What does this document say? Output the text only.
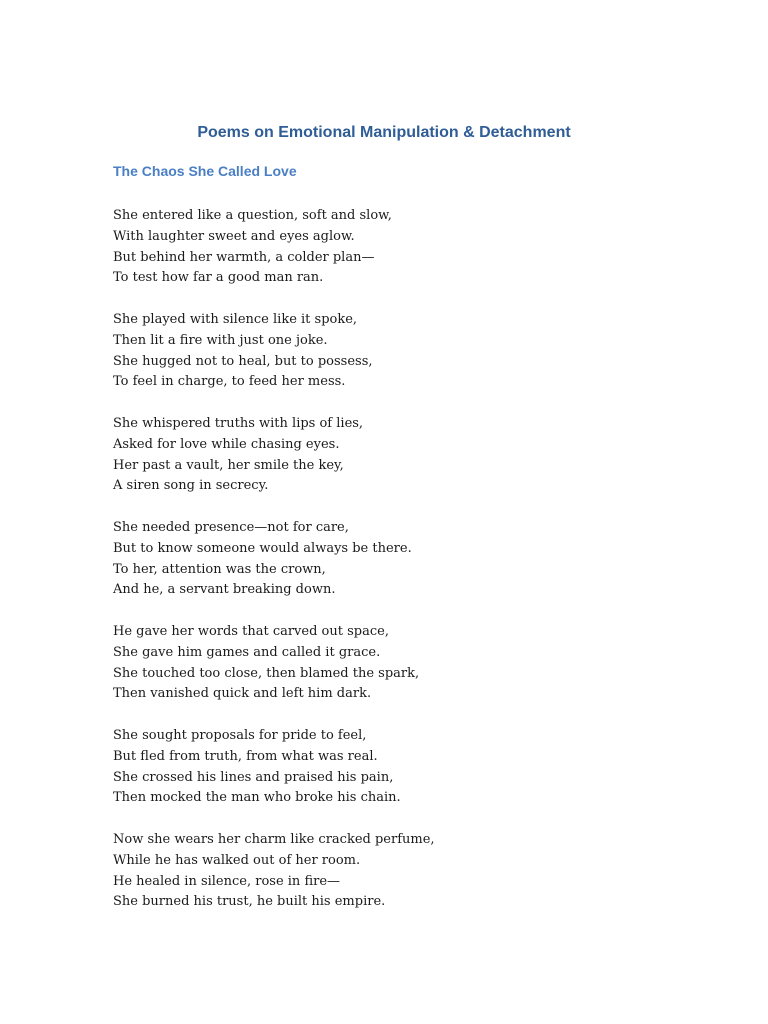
Poems on Emotional Manipulation & Detachment
The Chaos She Called Love
She entered like a question, soft and slow,
With laughter sweet and eyes aglow.
But behind her warmth, a colder plan—
To test how far a good man ran.
She played with silence like it spoke,
Then lit a fire with just one joke.
She hugged not to heal, but to possess,
To feel in charge, to feed her mess.
She whispered truths with lips of lies,
Asked for love while chasing eyes.
Her past a vault, her smile the key,
A siren song in secrecy.
She needed presence—not for care,
But to know someone would always be there.
To her, attention was the crown,
And he, a servant breaking down.
He gave her words that carved out space,
She gave him games and called it grace.
She touched too close, then blamed the spark,
Then vanished quick and left him dark.
She sought proposals for pride to feel,
But fled from truth, from what was real.
She crossed his lines and praised his pain,
Then mocked the man who broke his chain.
Now she wears her charm like cracked perfume,
While he has walked out of her room.
He healed in silence, rose in fire—
She burned his trust, he built his empire.
